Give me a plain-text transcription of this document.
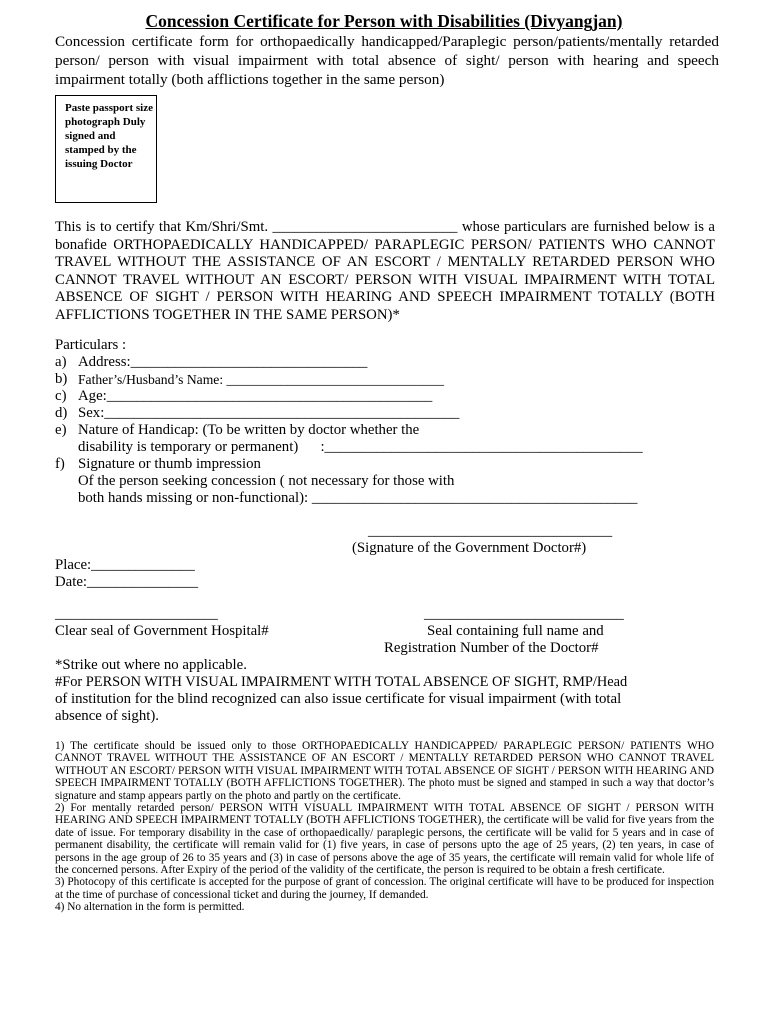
Concession Certificate for Person with Disabilities (Divyangjan)
Concession certificate form for orthopaedically handicapped/Paraplegic person/patients/mentally retarded person/ person with visual impairment with total absence of sight/ person with hearing and speech impairment totally (both afflictions together in the same person)
Paste passport size photograph Duly signed and stamped by the issuing Doctor
This is to certify that Km/Shri/Smt. _________________________ whose particulars are furnished below is a bonafide ORTHOPAEDICALLY HANDICAPPED/ PARAPLEGIC PERSON/ PATIENTS WHO CANNOT TRAVEL WITHOUT THE ASSISTANCE OF AN ESCORT / MENTALLY RETARDED PERSON WHO CANNOT TRAVEL WITHOUT AN ESCORT/ PERSON WITH VISUAL IMPAIRMENT WITH TOTAL ABSENCE OF SIGHT / PERSON WITH HEARING AND SPEECH IMPAIRMENT TOTALLY (BOTH AFFLICTIONS TOGETHER IN THE SAME PERSON)*
Particulars :
a) Address:________________________________
b) Father’s/Husband’s Name: ________________________________
c) Age:____________________________________________
d) Sex:________________________________________________
e) Nature of Handicap: (To be written by doctor whether the
disability is temporary or permanent)      :___________________________________________
f) Signature or thumb impression
Of the person seeking concession ( not necessary for those with
both hands missing or non-functional): ____________________________________________
_________________________________
(Signature of the Government Doctor#)
Place:______________
Date:_______________
______________________
Clear seal of Government Hospital#
___________________________
Seal containing full name and
Registration Number of the Doctor#
*Strike out where no applicable.
#For PERSON WITH VISUAL IMPAIRMENT WITH TOTAL ABSENCE OF SIGHT, RMP/Head
of institution for the blind recognized can also issue certificate for visual impairment (with total
absence of sight).
1) The certificate should be issued only to those ORTHOPAEDICALLY HANDICAPPED/ PARAPLEGIC PERSON/ PATIENTS WHO CANNOT TRAVEL WITHOUT THE ASSISTANCE OF AN ESCORT / MENTALLY RETARDED PERSON WHO CANNOT TRAVEL WITHOUT AN ESCORT/ PERSON WITH VISUAL IMPAIRMENT WITH TOTAL ABSENCE OF SIGHT / PERSON WITH HEARING AND SPEECH IMPAIRMENT TOTALLY (BOTH AFFLICTIONS TOGETHER). The photo must be signed and stamped in such a way that doctor’s signature and stamp appears partly on the photo and partly on the certificate.
2) For mentally retarded person/ PERSON WITH VISUALL IMPAIRMENT WITH TOTAL ABSENCE OF SIGHT / PERSON WITH HEARING AND SPEECH IMPAIRMENT TOTALLY (BOTH AFFLICTIONS TOGETHER), the certificate will be valid for five years from the date of issue. For temporary disability in the case of orthopaedically/ paraplegic persons, the certificate will be valid for 5 years and in case of permanent disability, the certificate will remain valid for (1) five years, in case of persons upto the age of 25 years, (2) ten years, in case of persons in the age group of 26 to 35 years and (3) in case of persons above the age of 35 years, the certificate will remain valid for whole life of the concerned persons. After Expiry of the period of the validity of the certificate, the person is required to be obtain a fresh certificate.
3) Photocopy of this certificate is accepted for the purpose of grant of concession. The original certificate will have to be produced for inspection at the time of purchase of concessional ticket and during the journey, If demanded.
4) No alternation in the form is permitted.
